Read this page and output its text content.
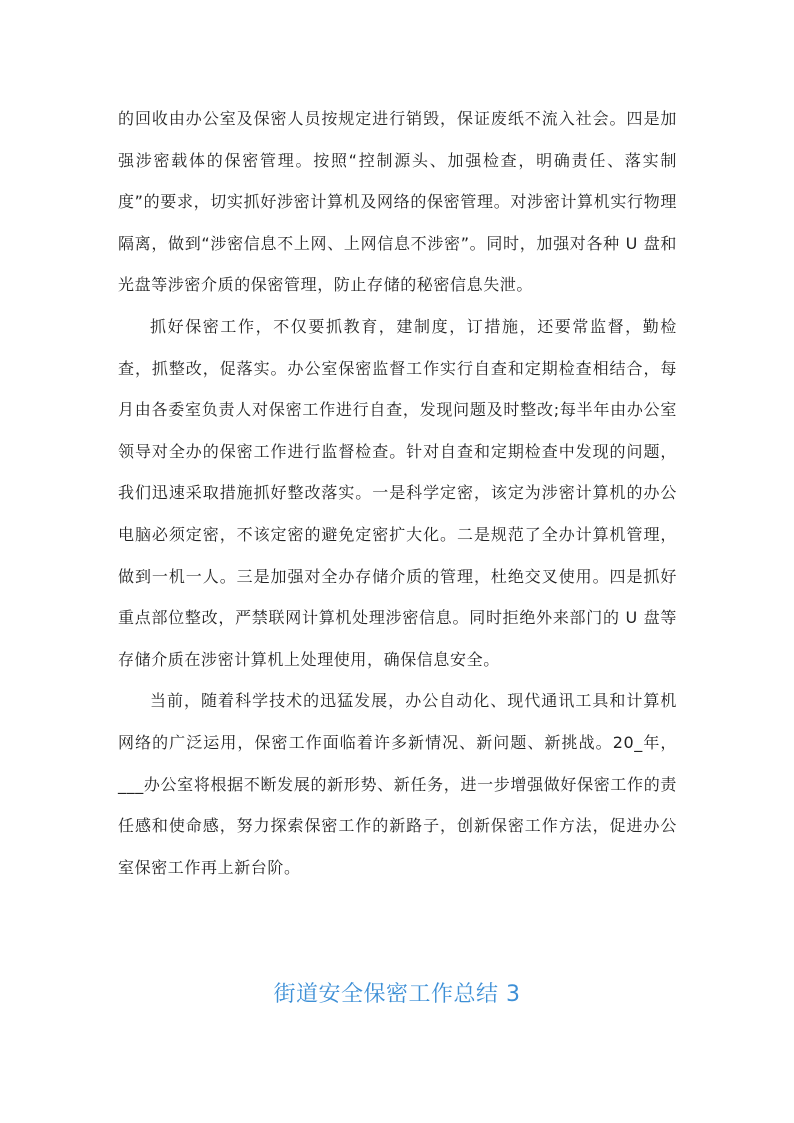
的回收由办公室及保密人员按规定进行销毁，保证废纸不流入社会。四是加强涉密载体的保密管理。按照“控制源头、加强检查，明确责任、落实制度”的要求，切实抓好涉密计算机及网络的保密管理。对涉密计算机实行物理隔离，做到“涉密信息不上网、上网信息不涉密”。同时，加强对各种 U 盘和光盘等涉密介质的保密管理，防止存储的秘密信息失泄。

抓好保密工作，不仅要抓教育，建制度，订措施，还要常监督，勤检查，抓整改，促落实。办公室保密监督工作实行自查和定期检查相结合，每月由各委室负责人对保密工作进行自查，发现问题及时整改;每半年由办公室领导对全办的保密工作进行监督检查。针对自查和定期检查中发现的问题，我们迅速采取措施抓好整改落实。一是科学定密，该定为涉密计算机的办公电脑必须定密，不该定密的避免定密扩大化。二是规范了全办计算机管理，做到一机一人。三是加强对全办存储介质的管理，杜绝交叉使用。四是抓好重点部位整改，严禁联网计算机处理涉密信息。同时拒绝外来部门的 U 盘等存储介质在涉密计算机上处理使用，确保信息安全。

当前，随着科学技术的迅猛发展，办公自动化、现代通讯工具和计算机网络的广泛运用，保密工作面临着许多新情况、新问题、新挑战。20_年，___办公室将根据不断发展的新形势、新任务，进一步增强做好保密工作的责任感和使命感，努力探索保密工作的新路子，创新保密工作方法，促进办公室保密工作再上新台阶。

街道安全保密工作总结 3
